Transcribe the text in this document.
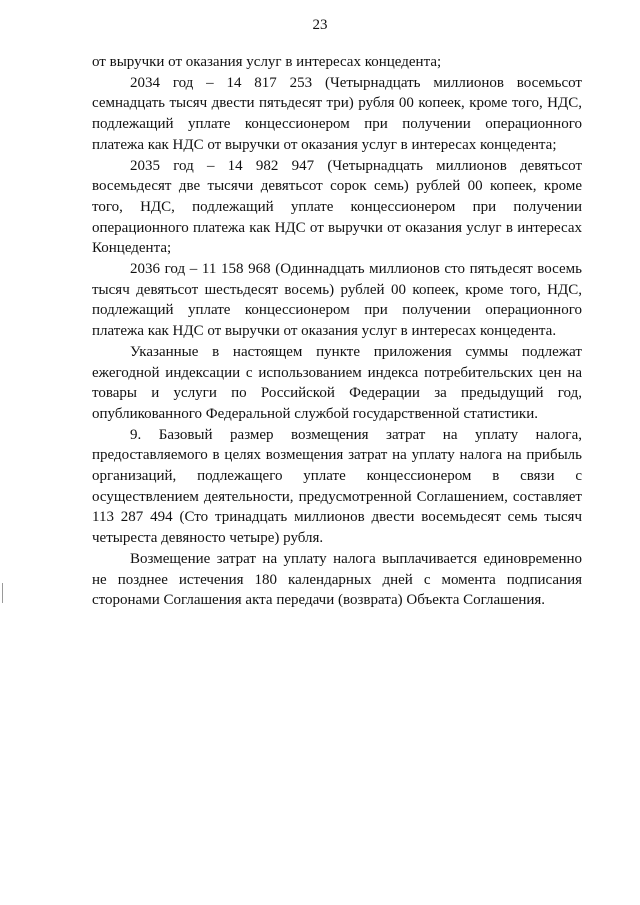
23

от выручки от оказания услуг в интересах концедента;

2034 год – 14 817 253 (Четырнадцать миллионов восемьсот семнадцать тысяч двести пятьдесят три) рубля 00 копеек, кроме того, НДС, подлежащий уплате концессионером при получении операционного платежа как НДС от выручки от оказания услуг в интересах концедента;

2035 год – 14 982 947 (Четырнадцать миллионов девятьсот восемьдесят две тысячи девятьсот сорок семь) рублей 00 копеек, кроме того, НДС, подлежащий уплате концессионером при получении операционного платежа как НДС от выручки от оказания услуг в интересах Концедента;

2036 год – 11 158 968 (Одиннадцать миллионов сто пятьдесят восемь тысяч девятьсот шестьдесят восемь) рублей 00 копеек, кроме того, НДС, подлежащий уплате концессионером при получении операционного платежа как НДС от выручки от оказания услуг в интересах концедента.

Указанные в настоящем пункте приложения суммы подлежат ежегодной индексации с использованием индекса потребительских цен на товары и услуги по Российской Федерации за предыдущий год, опубликованного Федеральной службой государственной статистики.

9. Базовый размер возмещения затрат на уплату налога, предоставляемого в целях возмещения затрат на уплату налога на прибыль организаций, подлежащего уплате концессионером в связи с осуществлением деятельности, предусмотренной Соглашением, составляет 113 287 494 (Сто тринадцать миллионов двести восемьдесят семь тысяч четыреста девяносто четыре) рубля.

Возмещение затрат на уплату налога выплачивается единовременно не позднее истечения 180 календарных дней с момента подписания сторонами Соглашения акта передачи (возврата) Объекта Соглашения.
